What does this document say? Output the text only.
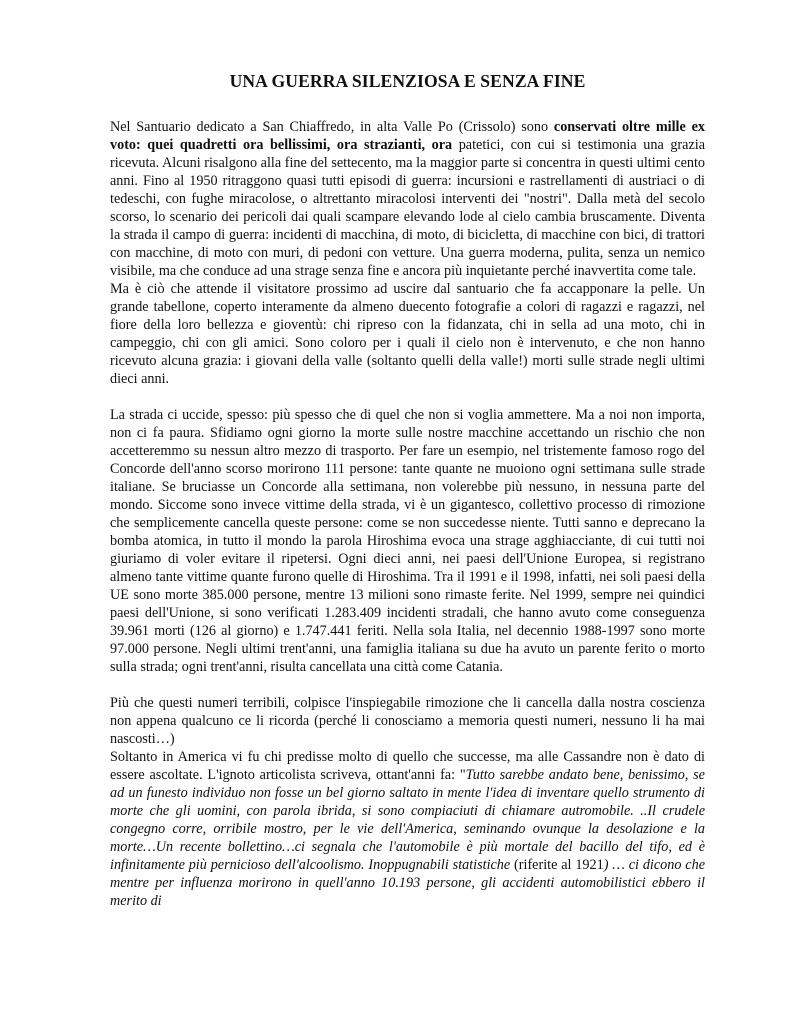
UNA GUERRA SILENZIOSA E SENZA FINE

Nel Santuario dedicato a San Chiaffredo, in alta Valle Po (Crissolo) sono conservati oltre mille ex voto: quei quadretti ora bellissimi, ora strazianti, ora patetici, con cui si testimonia una grazia ricevuta. Alcuni risalgono alla fine del settecento, ma la maggior parte si concentra in questi ultimi cento anni. Fino al 1950 ritraggono quasi tutti episodi di guerra: incursioni e rastrellamenti di austriaci o di tedeschi, con fughe miracolose, o altrettanto miracolosi interventi dei "nostri". Dalla metà del secolo scorso, lo scenario dei pericoli dai quali scampare elevando lode al cielo cambia bruscamente. Diventa la strada il campo di guerra: incidenti di macchina, di moto, di bicicletta, di macchine con bici, di trattori con macchine, di moto con muri, di pedoni con vetture. Una guerra moderna, pulita, senza un nemico visibile, ma che conduce ad una strage senza fine e ancora più inquietante perché inavvertita come tale.

Ma è ciò che attende il visitatore prossimo ad uscire dal santuario che fa accapponare la pelle. Un grande tabellone, coperto interamente da almeno duecento fotografie a colori di ragazzi e ragazzi, nel fiore della loro bellezza e gioventù: chi ripreso con la fidanzata, chi in sella ad una moto, chi in campeggio, chi con gli amici. Sono coloro per i quali il cielo non è intervenuto, e che non hanno ricevuto alcuna grazia: i giovani della valle (soltanto quelli della valle!) morti sulle strade negli ultimi dieci anni.

La strada ci uccide, spesso: più spesso che di quel che non si voglia ammettere. Ma a noi non importa, non ci fa paura. Sfidiamo ogni giorno la morte sulle nostre macchine accettando un rischio che non accetteremmo su nessun altro mezzo di trasporto. Per fare un esempio, nel tristemente famoso rogo del Concorde dell'anno scorso morirono 111 persone: tante quante ne muoiono ogni settimana sulle strade italiane. Se bruciasse un Concorde alla settimana, non volerebbe più nessuno, in nessuna parte del mondo. Siccome sono invece vittime della strada, vi è un gigantesco, collettivo processo di rimozione che semplicemente cancella queste persone: come se non succedesse niente. Tutti sanno e deprecano la bomba atomica, in tutto il mondo la parola Hiroshima evoca una strage agghiacciante, di cui tutti noi giuriamo di voler evitare il ripetersi. Ogni dieci anni, nei paesi dell'Unione Europea, si registrano almeno tante vittime quante furono quelle di Hiroshima. Tra il 1991 e il 1998, infatti, nei soli paesi della UE sono morte 385.000 persone, mentre 13 milioni sono rimaste ferite. Nel 1999, sempre nei quindici paesi dell'Unione, si sono verificati 1.283.409 incidenti stradali, che hanno avuto come conseguenza 39.961 morti (126 al giorno) e 1.747.441 feriti. Nella sola Italia, nel decennio 1988-1997 sono morte 97.000 persone. Negli ultimi trent'anni, una famiglia italiana su due ha avuto un parente ferito o morto sulla strada; ogni trent'anni, risulta cancellata una città come Catania.

Più che questi numeri terribili, colpisce l'inspiegabile rimozione che li cancella dalla nostra coscienza non appena qualcuno ce li ricorda (perché li conosciamo a memoria questi numeri, nessuno li ha mai nascosti…)

Soltanto in America vi fu chi predisse molto di quello che successe, ma alle Cassandre non è dato di essere ascoltate. L'ignoto articolista scriveva, ottant'anni fa: "Tutto sarebbe andato bene, benissimo, se ad un funesto individuo non fosse un bel giorno saltato in mente l'idea di inventare quello strumento di morte che gli uomini, con parola ibrida, si sono compiaciuti di chiamare autromobile. ..Il crudele congegno corre, orribile mostro, per le vie dell'America, seminando ovunque la desolazione e la morte…Un recente bollettino…ci segnala che l'automobile è più mortale del bacillo del tifo, ed è infinitamente più pernicioso dell'alcoolismo. Inoppugnabili statistiche (riferite al 1921) … ci dicono che mentre per influenza morirono in quell'anno 10.193 persone, gli accidenti automobilistici ebbero il merito di
